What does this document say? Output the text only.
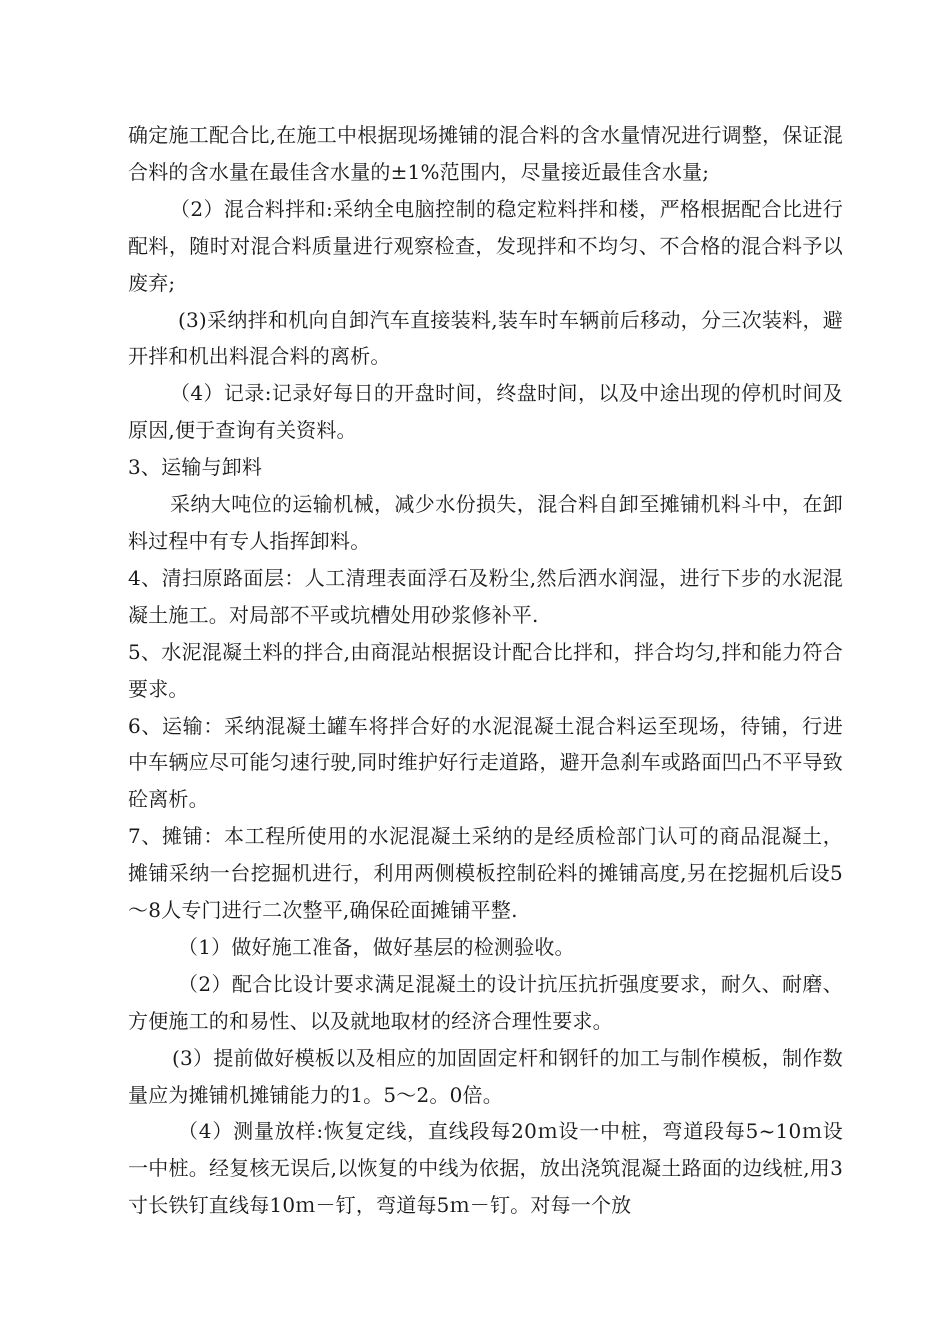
确定施工配合比,在施工中根据现场摊铺的混合料的含水量情况进行调整，保证混合料的含水量在最佳含水量的±1%范围内，尽量接近最佳含水量;

（2）混合料拌和:采纳全电脑控制的稳定粒料拌和楼，严格根据配合比进行配料，随时对混合料质量进行观察检查，发现拌和不均匀、不合格的混合料予以废弃;

(3)采纳拌和机向自卸汽车直接装料,装车时车辆前后移动，分三次装料，避开拌和机出料混合料的离析。

（4）记录:记录好每日的开盘时间，终盘时间，以及中途出现的停机时间及原因,便于查询有关资料。

3、运输与卸料

采纳大吨位的运输机械，减少水份损失，混合料自卸至摊铺机料斗中，在卸料过程中有专人指挥卸料。

4、清扫原路面层：人工清理表面浮石及粉尘,然后洒水润湿，进行下步的水泥混凝土施工。对局部不平或坑槽处用砂浆修补平.

5、水泥混凝土料的拌合,由商混站根据设计配合比拌和，拌合均匀,拌和能力符合要求。

6、运输：采纳混凝土罐车将拌合好的水泥混凝土混合料运至现场，待铺，行进中车辆应尽可能匀速行驶,同时维护好行走道路，避开急刹车或路面凹凸不平导致砼离析。

7、摊铺：本工程所使用的水泥混凝土采纳的是经质检部门认可的商品混凝土，摊铺采纳一台挖掘机进行，利用两侧模板控制砼料的摊铺高度,另在挖掘机后设5～8人专门进行二次整平,确保砼面摊铺平整.

（1）做好施工准备，做好基层的检测验收。

（2）配合比设计要求满足混凝土的设计抗压抗折强度要求，耐久、耐磨、方便施工的和易性、以及就地取材的经济合理性要求。

(3）提前做好模板以及相应的加固固定杆和钢钎的加工与制作模板，制作数量应为摊铺机摊铺能力的1。5～2。0倍。

（4）测量放样:恢复定线，直线段每20ｍ设一中桩，弯道段每5~10ｍ设一中桩。经复核无误后,以恢复的中线为依据，放出浇筑混凝土路面的边线桩,用3寸长铁钉直线每10ｍ－钉，弯道每5ｍ－钉。对每一个放
